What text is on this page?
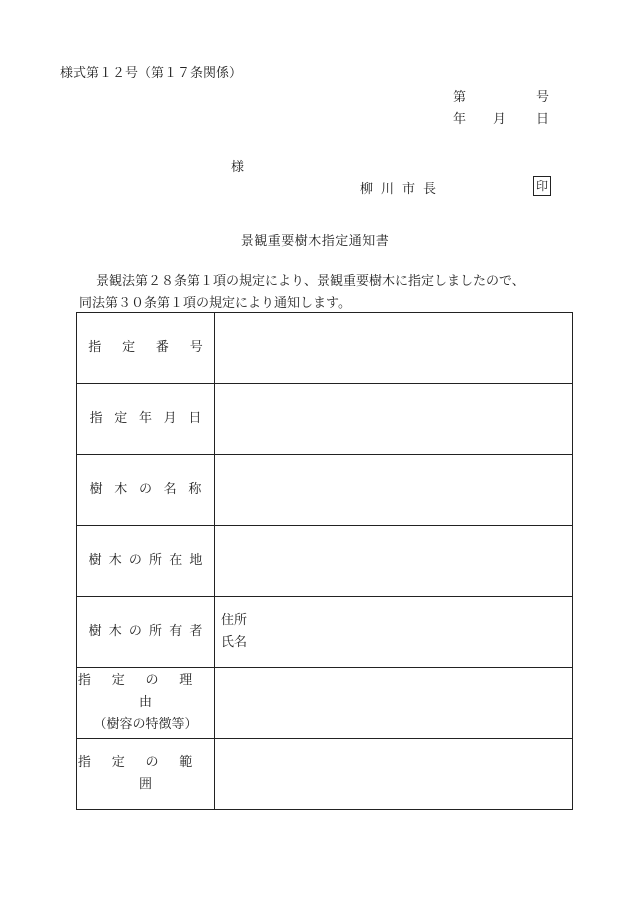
様式第１２号（第１７条関係）
第	号
年 月 日
様
柳川市長	印
景観重要樹木指定通知書
景観法第２８条第１項の規定により、景観重要樹木に指定しましたので、
同法第３０条第１項の規定により通知します。
指定番号	
指定年月日	
樹木の名称	
樹木の所在地	
樹木の所有者	住所
氏名

指定の理由
（樹容の特徴等）	

指定の範囲	
